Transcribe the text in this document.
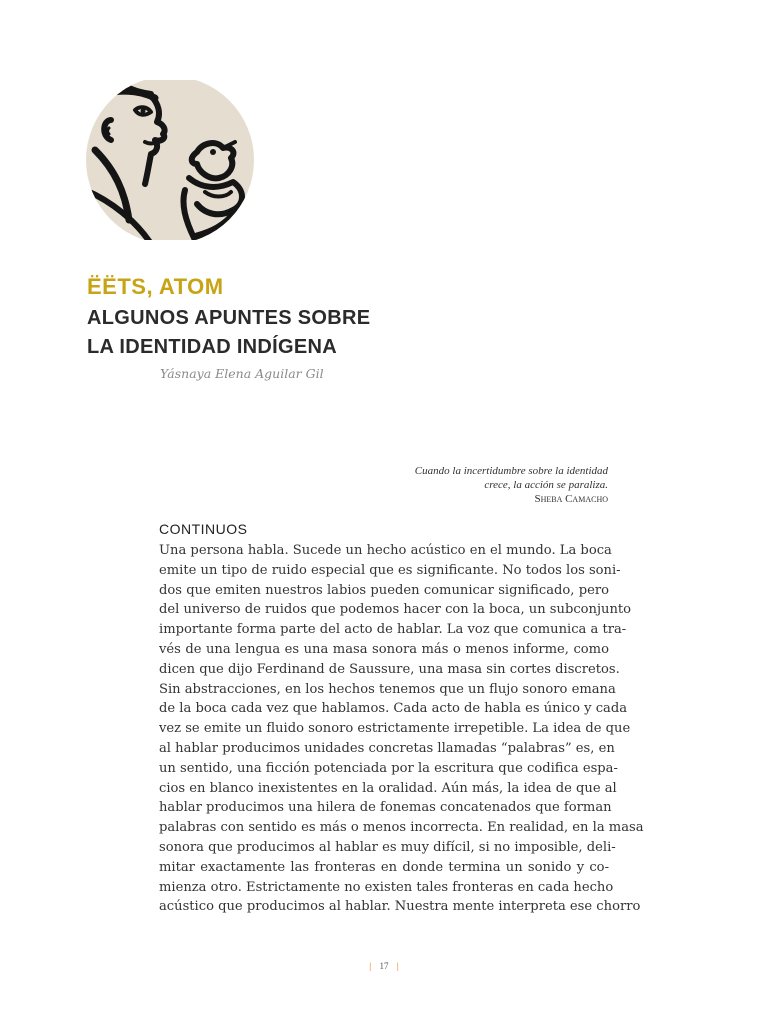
ËËTS, ATOM
ALGUNOS APUNTES SOBRE
LA IDENTIDAD INDÍGENA
Yásnaya Elena Aguilar Gil
Cuando la incertidumbre sobre la identidad
crece, la acción se paraliza.
Sheba Camacho
CONTINUOS
Una persona habla. Sucede un hecho acústico en el mundo. La boca
emite un tipo de ruido especial que es significante. No todos los soni-
dos que emiten nuestros labios pueden comunicar significado, pero
del universo de ruidos que podemos hacer con la boca, un subconjunto
importante forma parte del acto de hablar. La voz que comunica a tra-
vés de una lengua es una masa sonora más o menos informe, como
dicen que dijo Ferdinand de Saussure, una masa sin cortes discretos.
Sin abstracciones, en los hechos tenemos que un flujo sonoro emana
de la boca cada vez que hablamos. Cada acto de habla es único y cada
vez se emite un fluido sonoro estrictamente irrepetible. La idea de que
al hablar producimos unidades concretas llamadas “palabras” es, en
un sentido, una ficción potenciada por la escritura que codifica espa-
cios en blanco inexistentes en la oralidad. Aún más, la idea de que al
hablar producimos una hilera de fonemas concatenados que forman
palabras con sentido es más o menos incorrecta. En realidad, en la masa
sonora que producimos al hablar es muy difícil, si no imposible, deli-
mitar exactamente las fronteras en donde termina un sonido y co-
mienza otro. Estrictamente no existen tales fronteras en cada hecho
acústico que producimos al hablar. Nuestra mente interpreta ese chorro
| 17 |
